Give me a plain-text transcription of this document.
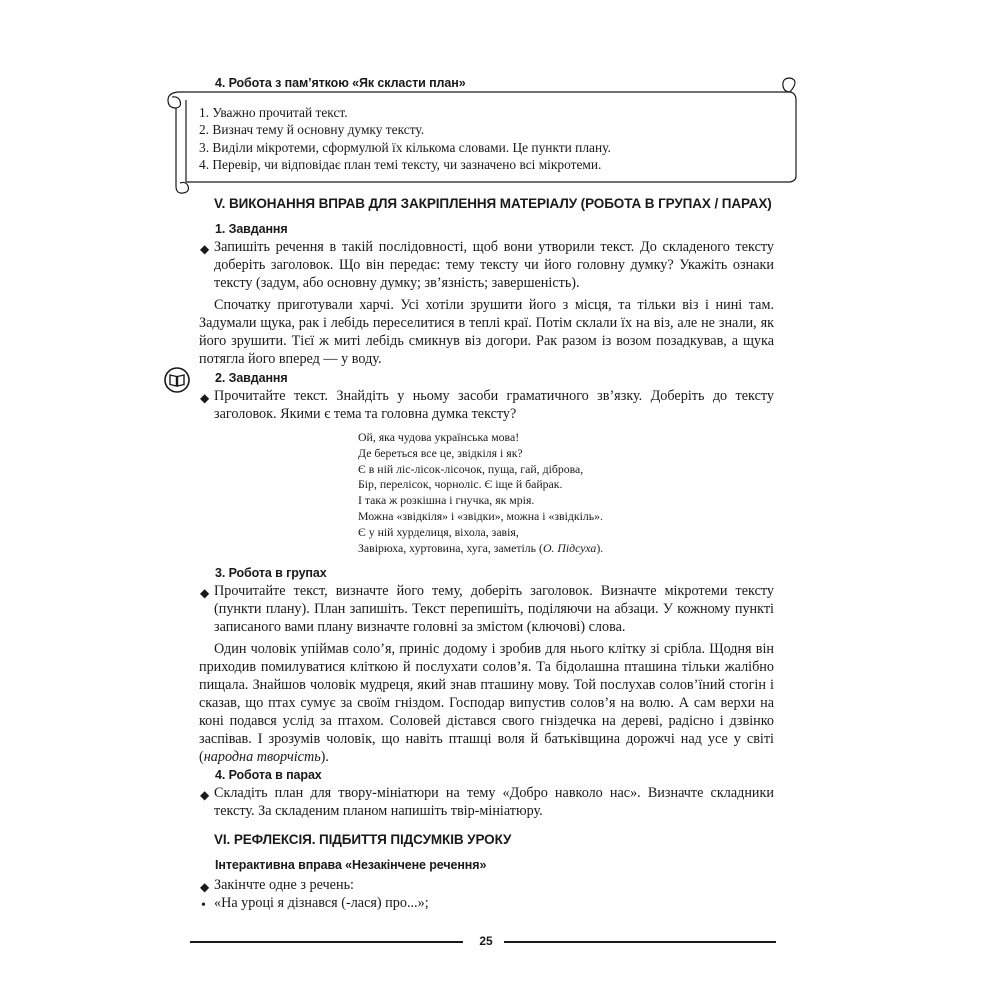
4. Робота з пам’яткою «Як скласти план»
1. Уважно прочитай текст.
2. Визнач тему й основну думку тексту.
3. Виділи мікротеми, сформулюй їх кількома словами. Це пункти плану.
4. Перевір, чи відповідає план темі тексту, чи зазначено всі мікротеми.
V. ВИКОНАННЯ ВПРАВ ДЛЯ ЗАКРІПЛЕННЯ МАТЕРІАЛУ (РОБОТА В ГРУПАХ / ПАРАХ)
1. Завдання
◆ Запишіть речення в такій послідовності, щоб вони утворили текст. До складеного тексту доберіть заголовок. Що він передає: тему тексту чи його головну думку? Укажіть ознаки тексту (задум, або основну думку; зв’язність; завершеність).
Спочатку приготували харчі. Усі хотіли зрушити його з місця, та тільки віз і нині там. Задумали щука, рак і лебідь переселитися в теплі краї. Потім склали їх на віз, але не знали, як його зрушити. Тієї ж миті лебідь смикнув віз догори. Рак разом із возом позадкував, а щука потягла його вперед — у воду.
2. Завдання
◆ Прочитайте текст. Знайдіть у ньому засоби граматичного зв’язку. Доберіть до тексту заголовок. Якими є тема та головна думка тексту?
Ой, яка чудова українська мова!
Де береться все це, звідкіля і як?
Є в ній ліс-лісок-лісочок, пуща, гай, діброва,
Бір, перелісок, чорноліс. Є іще й байрак.
І така ж розкішна і гнучка, як мрія.
Можна «звідкіля» і «звідки», можна і «звідкіль».
Є у ній хурделиця, віхола, завія,
Завірюха, хуртовина, хуга, заметіль (О. Підсуха).
3. Робота в групах
◆ Прочитайте текст, визначте його тему, доберіть заголовок. Визначте мікротеми тексту (пункти плану). План запишіть. Текст перепишіть, поділяючи на абзаци. У кожному пункті записаного вами плану визначте головні за змістом (ключові) слова.
Один чоловік упіймав соло’я, приніс додому і зробив для нього клітку зі срібла. Щодня він приходив помилуватися кліткою й послухати солов’я. Та бідолашна пташина тільки жалібно пищала. Знайшов чоловік мудреця, який знав пташину мову. Той послухав солов’їний стогін і сказав, що птах сумує за своїм гніздом. Господар випустив солов’я на волю. А сам верхи на коні подався услід за птахом. Соловей дістався свого гніздечка на дереві, радісно і дзвінко заспівав. І зрозумів чоловік, що навіть пташці воля й батьківщина дорожчі над усе у світі (народна творчість).
4. Робота в парах
◆ Складіть план для твору-мініатюри на тему «Добро навколо нас». Визначте складники тексту. За складеним планом напишіть твір-мініатюру.
VI. РЕФЛЕКСІЯ. ПІДБИТТЯ ПІДСУМКІВ УРОКУ
Інтерактивна вправа «Незакінчене речення»
◆ Закінчте одне з речень:
• «На уроці я дізнався (-лася) про...»;
25
